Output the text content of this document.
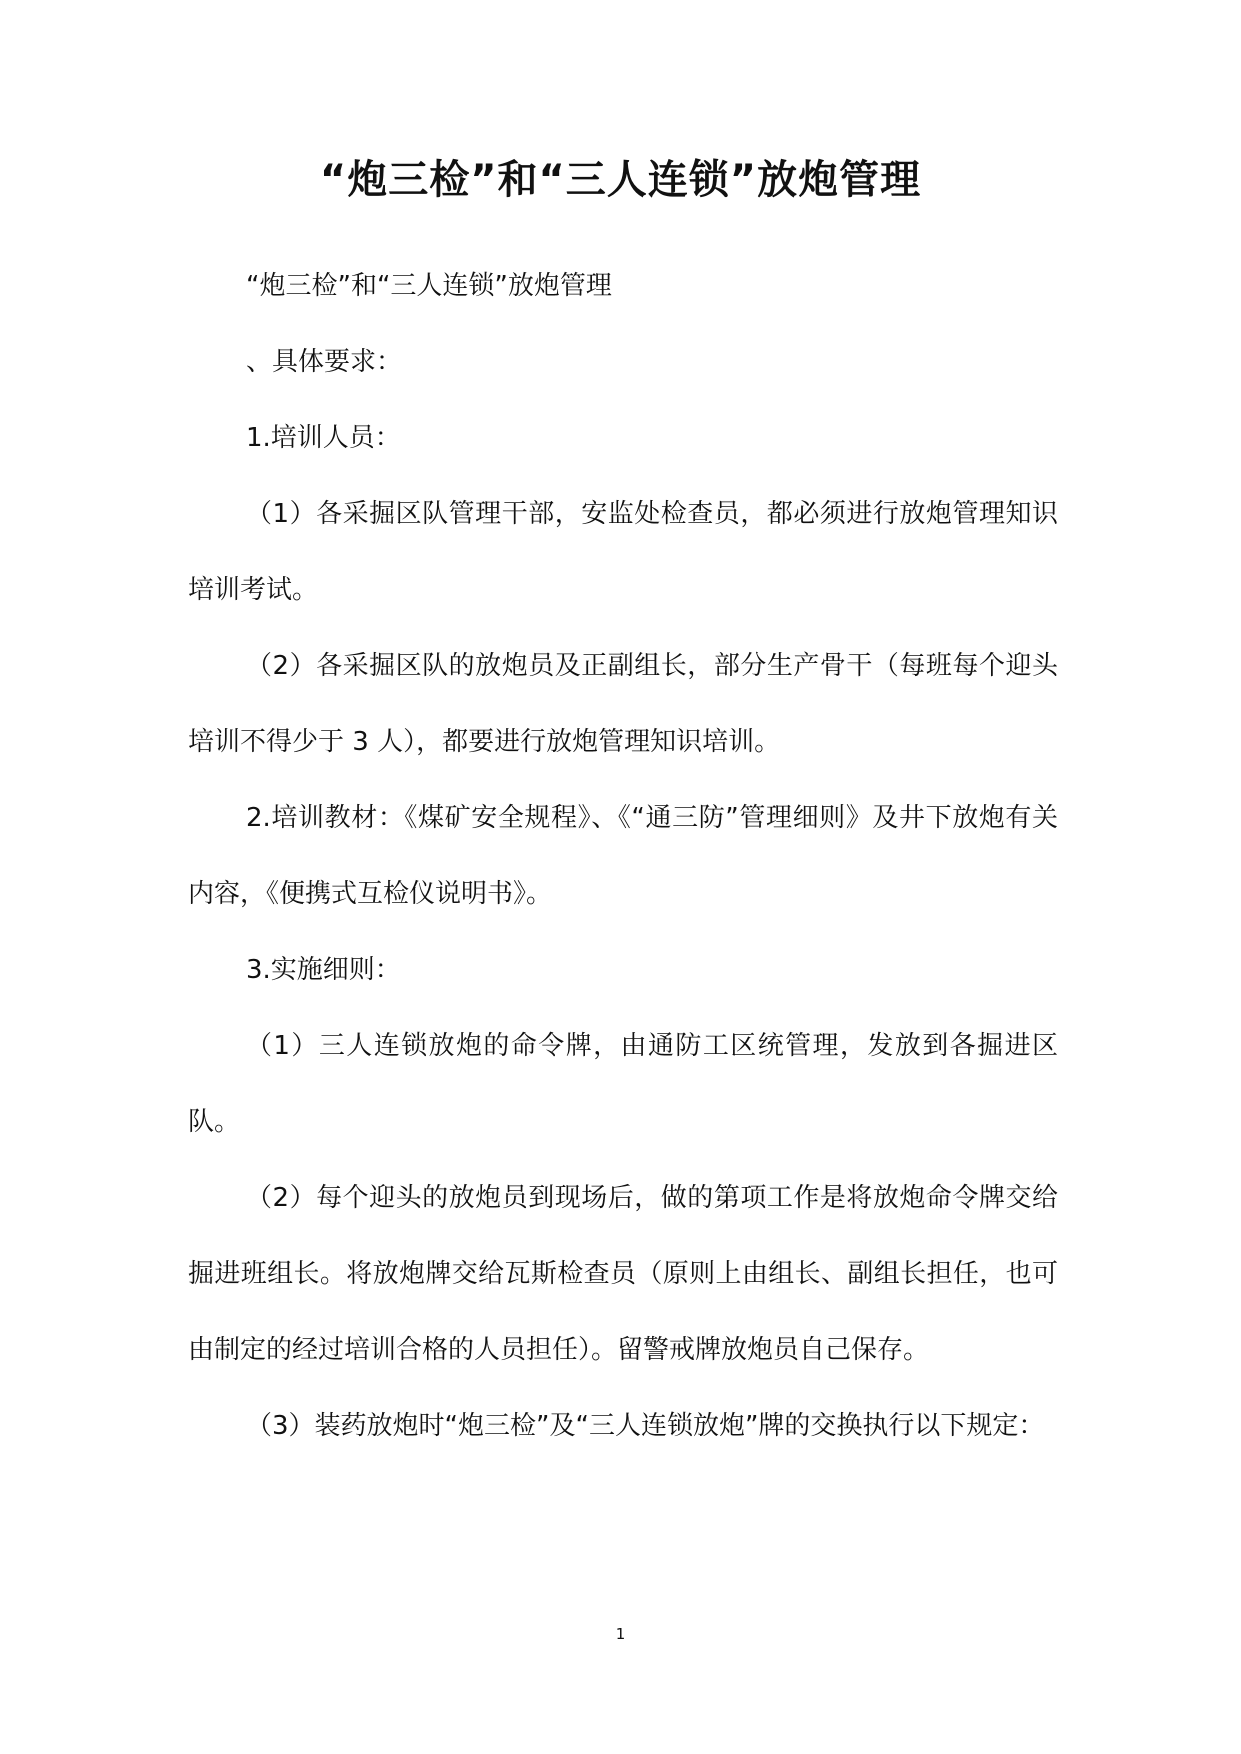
“炮三检”和“三人连锁”放炮管理

“炮三检”和“三人连锁”放炮管理

、具体要求：

1.培训人员：

（1）各采掘区队管理干部，安监处检查员，都必须进行放炮管理知识培训考试。

（2）各采掘区队的放炮员及正副组长，部分生产骨干（每班每个迎头培训不得少于 3 人），都要进行放炮管理知识培训。

2.培训教材：《煤矿安全规程》、《“通三防”管理细则》及井下放炮有关内容，《便携式互检仪说明书》。

3.实施细则：

（1）三人连锁放炮的命令牌，由通防工区统管理，发放到各掘进区队。

（2）每个迎头的放炮员到现场后，做的第项工作是将放炮命令牌交给掘进班组长。将放炮牌交给瓦斯检查员（原则上由组长、副组长担任，也可由制定的经过培训合格的人员担任）。留警戒牌放炮员自己保存。

（3）装药放炮时“炮三检”及“三人连锁放炮”牌的交换执行以下规定：

1
